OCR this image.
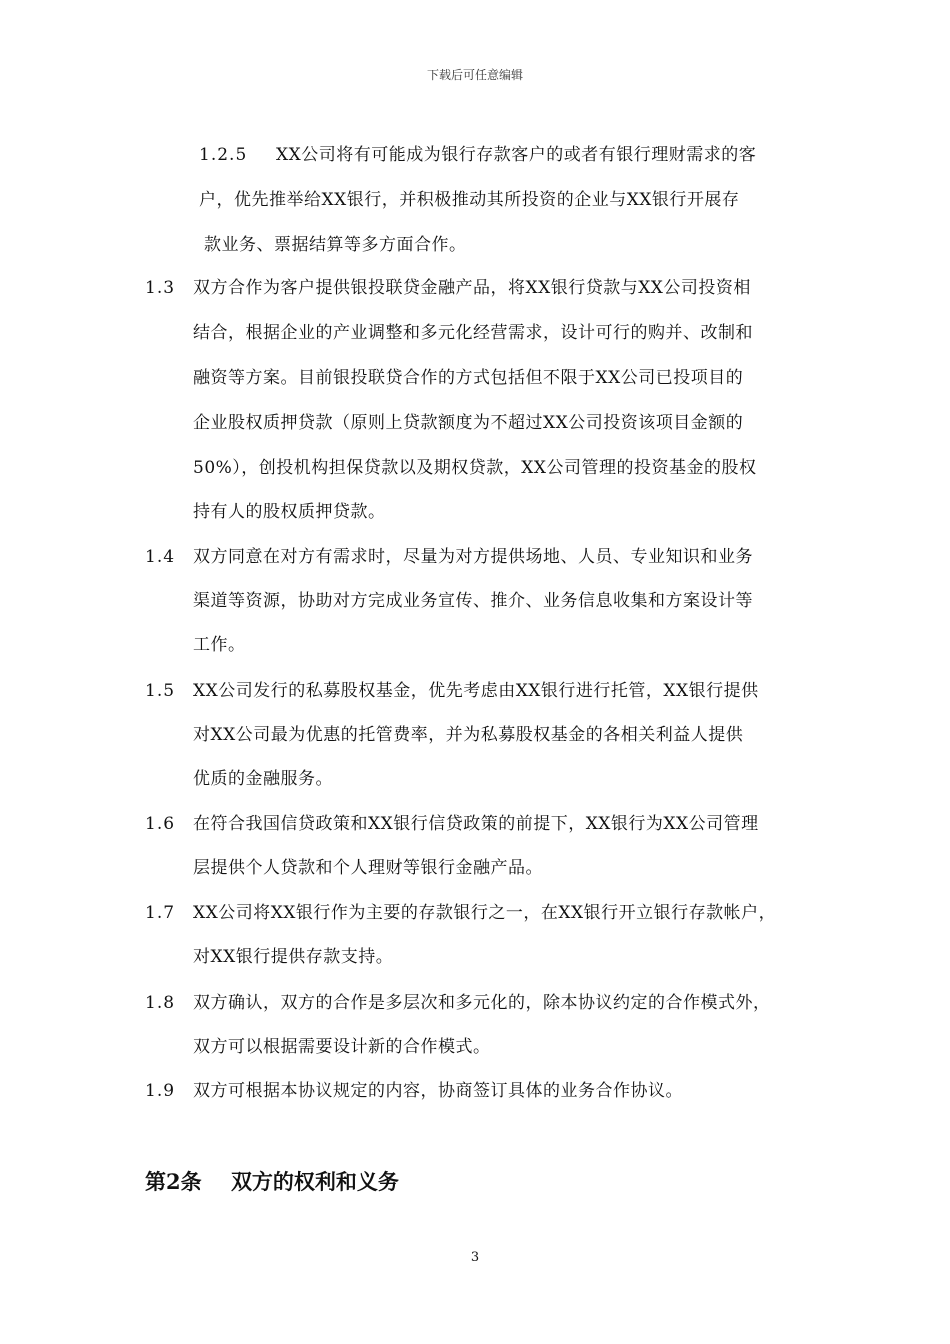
下载后可任意编辑
1.2.5 XX公司将有可能成为银行存款客户的或者有银行理财需求的客
户，优先推举给XX银行，并积极推动其所投资的企业与XX银行开展存
款业务、票据结算等多方面合作。
1.3 双方合作为客户提供银投联贷金融产品，将XX银行贷款与XX公司投资相
结合，根据企业的产业调整和多元化经营需求，设计可行的购并、改制和
融资等方案。目前银投联贷合作的方式包括但不限于XX公司已投项目的
企业股权质押贷款（原则上贷款额度为不超过XX公司投资该项目金额的
50%），创投机构担保贷款以及期权贷款，XX公司管理的投资基金的股权
持有人的股权质押贷款。
1.4 双方同意在对方有需求时，尽量为对方提供场地、人员、专业知识和业务
渠道等资源，协助对方完成业务宣传、推介、业务信息收集和方案设计等
工作。
1.5 XX公司发行的私募股权基金，优先考虑由XX银行进行托管，XX银行提供
对XX公司最为优惠的托管费率，并为私募股权基金的各相关利益人提供
优质的金融服务。
1.6 在符合我国信贷政策和XX银行信贷政策的前提下，XX银行为XX公司管理
层提供个人贷款和个人理财等银行金融产品。
1.7 XX公司将XX银行作为主要的存款银行之一，在XX银行开立银行存款帐户，
对XX银行提供存款支持。
1.8 双方确认，双方的合作是多层次和多元化的，除本协议约定的合作模式外，
双方可以根据需要设计新的合作模式。
1.9 双方可根据本协议规定的内容，协商签订具体的业务合作协议。
第2条 双方的权利和义务
3
